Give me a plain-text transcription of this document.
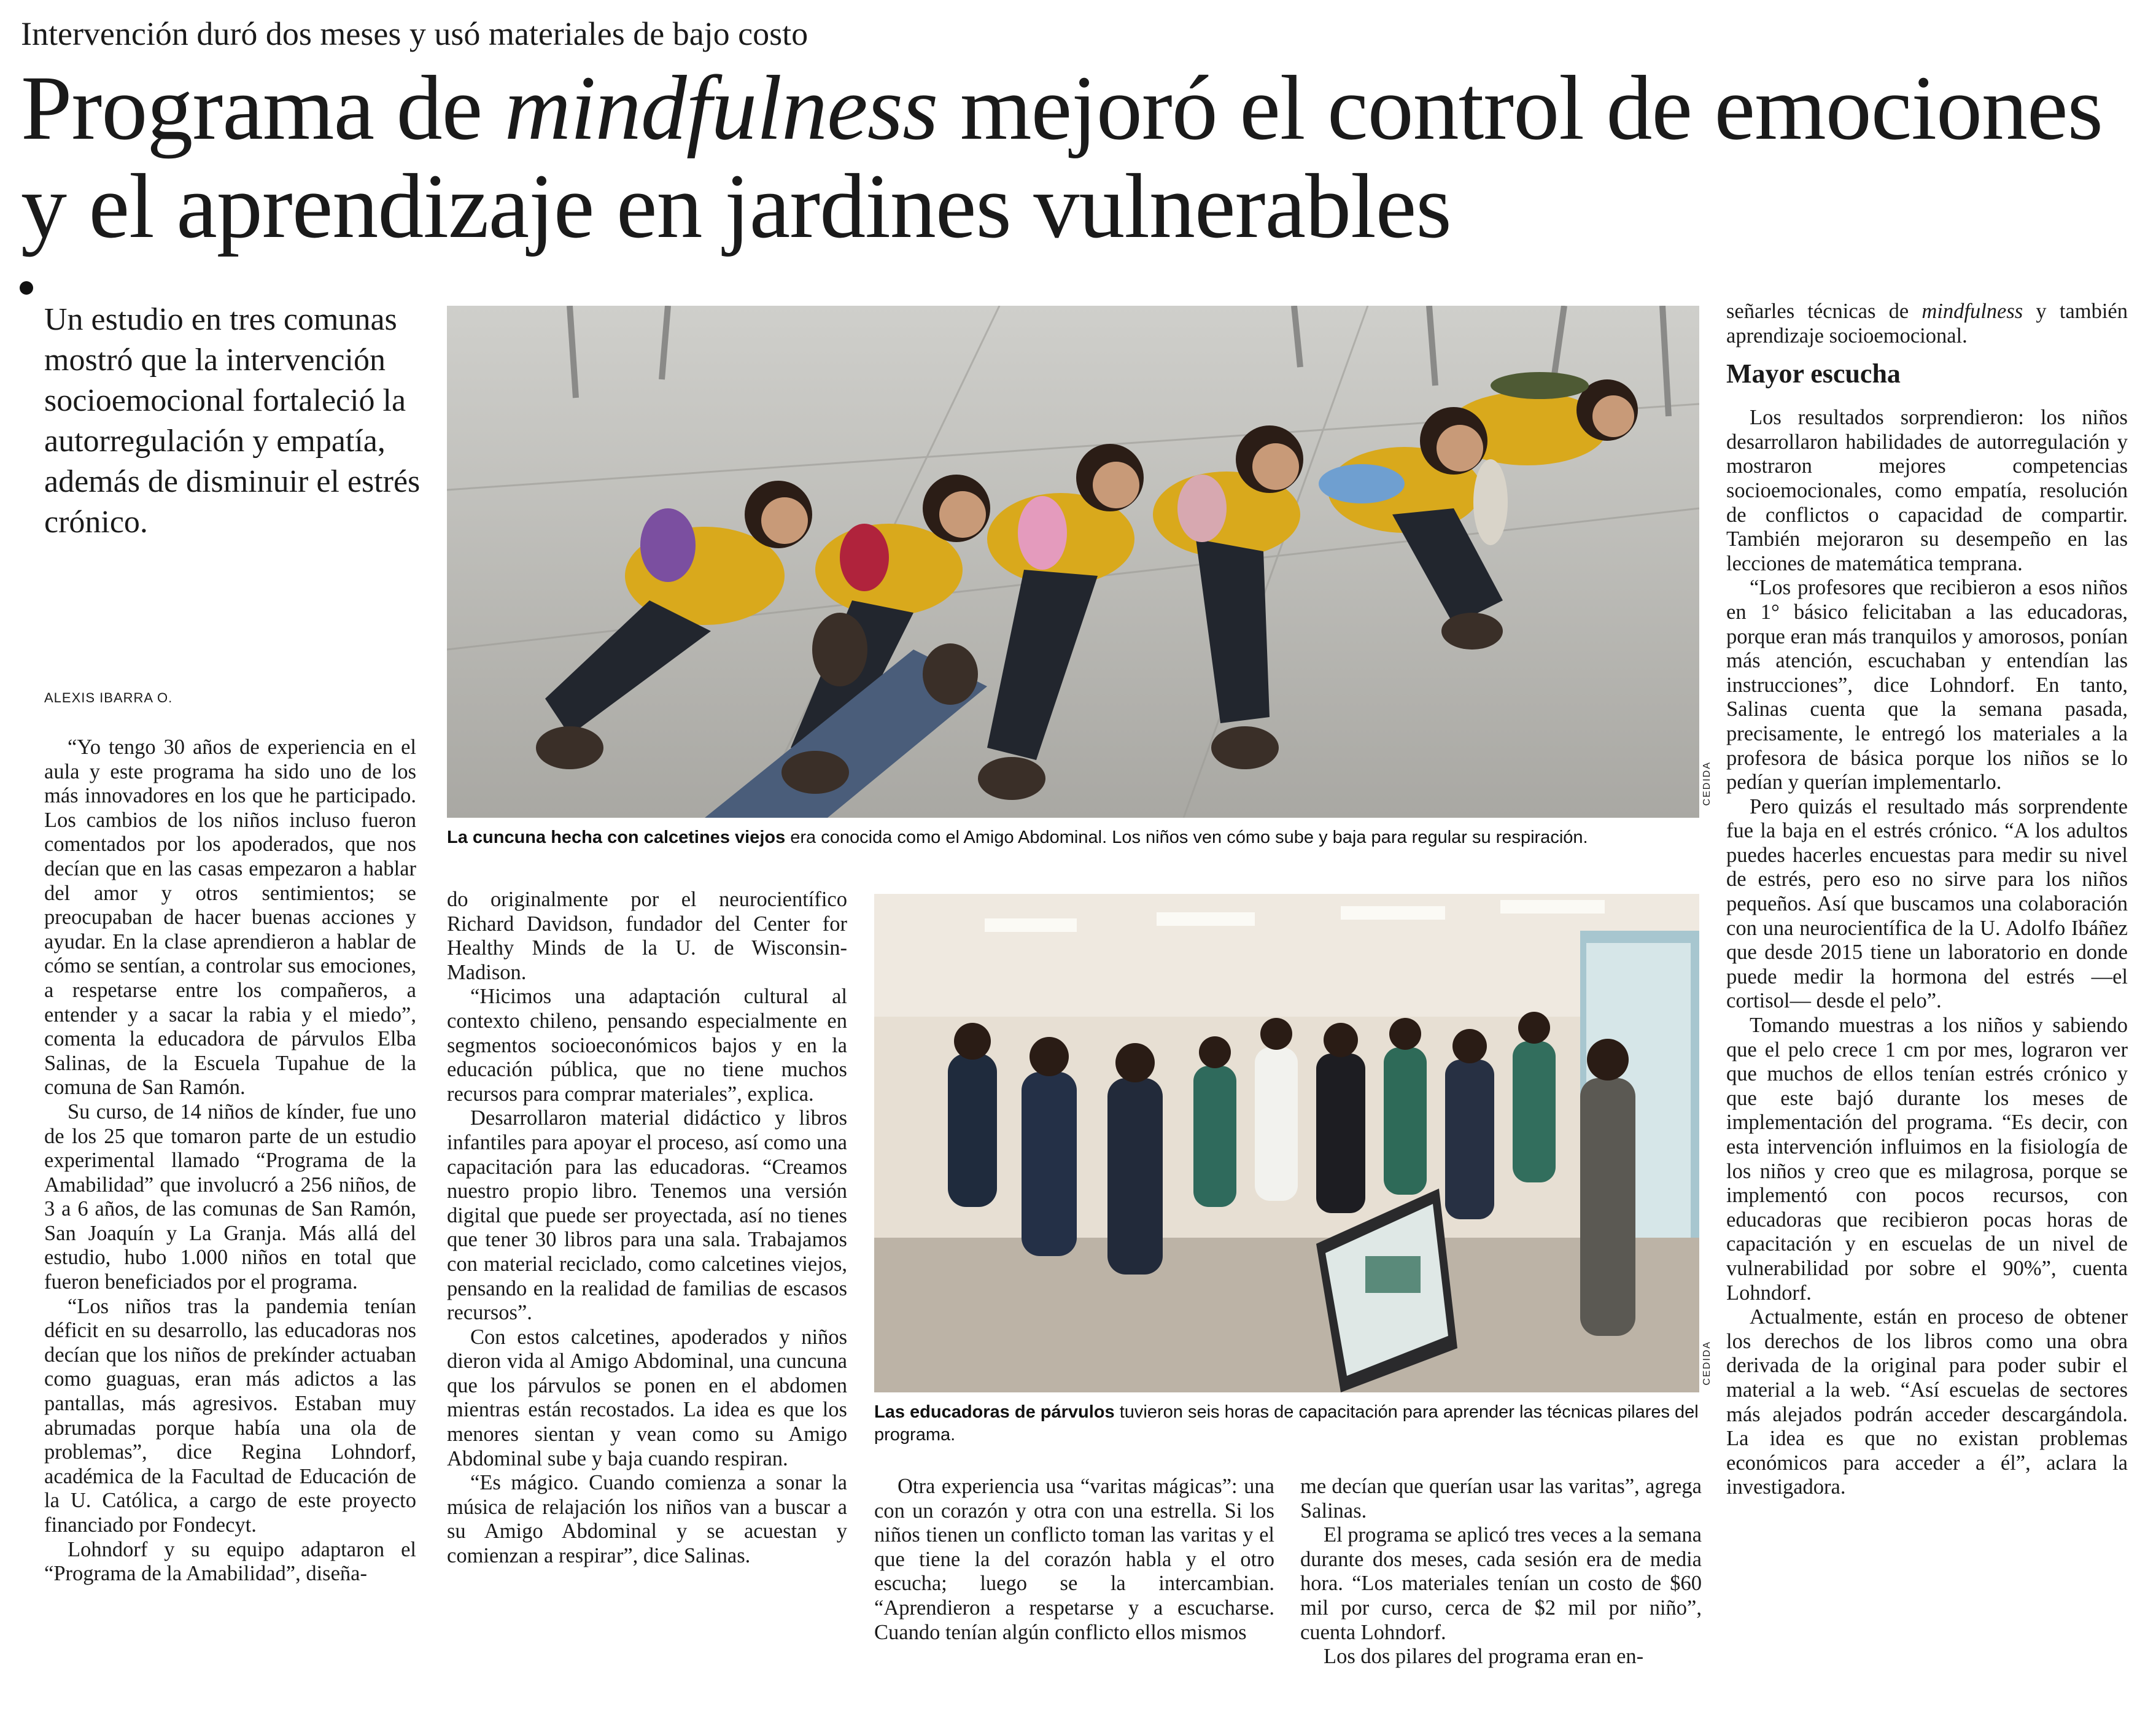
Intervención duró dos meses y usó materiales de bajo costo
Programa de mindfulness mejoró el control de emociones y el aprendizaje en jardines vulnerables
Un estudio en tres comunas mostró que la intervención socioemocional fortaleció la autorregulación y empatía, además de disminuir el estrés crónico.
ALEXIS IBARRA O.

“Yo tengo 30 años de experiencia en el aula y este programa ha sido uno de los más innovadores en los que he participado. Los cambios de los niños incluso fueron comentados por los apoderados, que nos decían que en las casas empezaron a hablar del amor y otros sentimientos; se preocupaban de hacer buenas acciones y ayudar. En la clase aprendieron a hablar de cómo se sentían, a controlar sus emociones, a respetarse entre los compañeros, a entender y a sacar la rabia y el miedo”, comenta la educadora de párvulos Elba Salinas, de la Escuela Tupahue de la comuna de San Ramón.

Su curso, de 14 niños de kínder, fue uno de los 25 que tomaron parte de un estudio experimental llamado “Programa de la Amabilidad” que involucró a 256 niños, de 3 a 6 años, de las comunas de San Ramón, San Joaquín y La Granja. Más allá del estudio, hubo 1.000 niños en total que fueron beneficiados por el programa.

“Los niños tras la pandemia tenían déficit en su desarrollo, las educadoras nos decían que los niños de prekínder actuaban como guaguas, eran más adictos a las pantallas, más agresivos. Estaban muy abrumadas porque había una ola de problemas”, dice Regina Lohndorf, académica de la Facultad de Educación de la U. Católica, a cargo de este proyecto financiado por Fondecyt.

Lohndorf y su equipo adaptaron el “Programa de la Amabilidad”, diseña-

CEDIDA
La cuncuna hecha con calcetines viejos era conocida como el Amigo Abdominal. Los niños ven cómo sube y baja para regular su respiración.

do originalmente por el neurocientífico Richard Davidson, fundador del Center for Healthy Minds de la U. de Wisconsin-Madison.

“Hicimos una adaptación cultural al contexto chileno, pensando especialmente en segmentos socioeconómicos bajos y en la educación pública, que no tiene muchos recursos para comprar materiales”, explica.

Desarrollaron material didáctico y libros infantiles para apoyar el proceso, así como una capacitación para las educadoras. “Creamos nuestro propio libro. Tenemos una versión digital que puede ser proyectada, así no tienes que tener 30 libros para una sala. Trabajamos con material reciclado, como calcetines viejos, pensando en la realidad de familias de escasos recursos”.

Con estos calcetines, apoderados y niños dieron vida al Amigo Abdominal, una cuncuna que los párvulos se ponen en el abdomen mientras están recostados. La idea es que los menores sientan y vean como su Amigo Abdominal sube y baja cuando respiran.

“Es mágico. Cuando comienza a sonar la música de relajación los niños van a buscar a su Amigo Abdominal y se acuestan y comienzan a respirar”, dice Salinas.

CEDIDA
Las educadoras de párvulos tuvieron seis horas de capacitación para aprender las técnicas pilares del programa.

Otra experiencia usa “varitas mágicas”: una con un corazón y otra con una estrella. Si los niños tienen un conflicto toman las varitas y el que tiene la del corazón habla y el otro escucha; luego se la intercambian. “Aprendieron a respetarse y a escucharse. Cuando tenían algún conflicto ellos mismos

me decían que querían usar las varitas”, agrega Salinas.

El programa se aplicó tres veces a la semana durante dos meses, cada sesión era de media hora. “Los materiales tenían un costo de $60 mil por curso, cerca de $2 mil por niño”, cuenta Lohndorf.

Los dos pilares del programa eran en-

señarles técnicas de mindfulness y también aprendizaje socioemocional.

Mayor escucha

Los resultados sorprendieron: los niños desarrollaron habilidades de autorregulación y mostraron mejores competencias socioemocionales, como empatía, resolución de conflictos o capacidad de compartir. También mejoraron su desempeño en las lecciones de matemática temprana.

“Los profesores que recibieron a esos niños en 1° básico felicitaban a las educadoras, porque eran más tranquilos y amorosos, ponían más atención, escuchaban y entendían las instrucciones”, dice Lohndorf. En tanto, Salinas cuenta que la semana pasada, precisamente, le entregó los materiales a la profesora de básica porque los niños se lo pedían y querían implementarlo.

Pero quizás el resultado más sorprendente fue la baja en el estrés crónico. “A los adultos puedes hacerles encuestas para medir su nivel de estrés, pero eso no sirve para los niños pequeños. Así que buscamos una colaboración con una neurocientífica de la U. Adolfo Ibáñez que desde 2015 tiene un laboratorio en donde puede medir la hormona del estrés —el cortisol— desde el pelo”.

Tomando muestras a los niños y sabiendo que el pelo crece 1 cm por mes, lograron ver que muchos de ellos tenían estrés crónico y que este bajó durante los meses de implementación del programa. “Es decir, con esta intervención influimos en la fisiología de los niños y creo que es milagrosa, porque se implementó con pocos recursos, con educadoras que recibieron pocas horas de capacitación y en escuelas de un nivel de vulnerabilidad por sobre el 90%”, cuenta Lohndorf.

Actualmente, están en proceso de obtener los derechos de los libros como una obra derivada de la original para poder subir el material a la web. “Así escuelas de sectores más alejados podrán acceder descargándola. La idea es que no existan problemas económicos para acceder a él”, aclara la investigadora.
